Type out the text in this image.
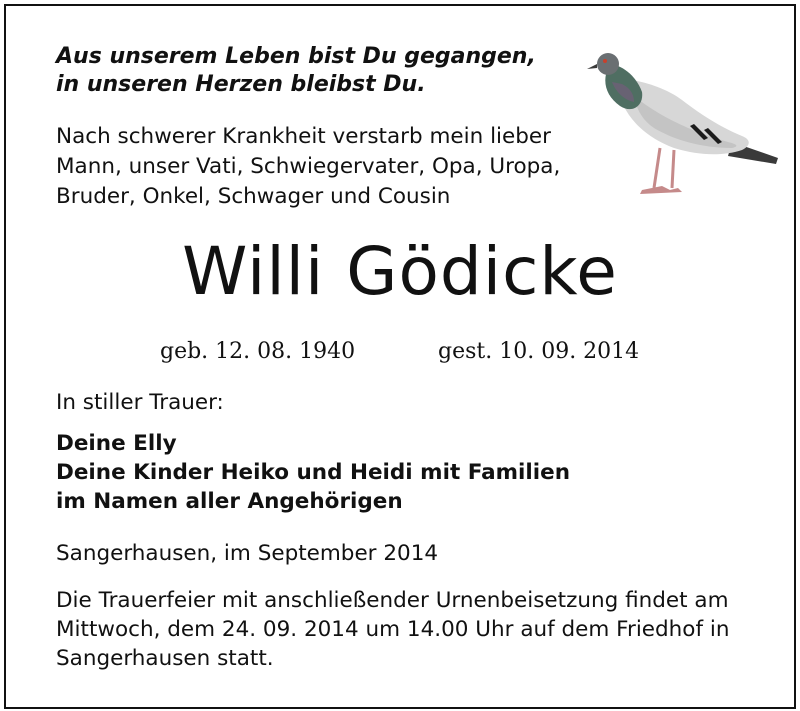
Aus unserem Leben bist Du gegangen,
in unseren Herzen bleibst Du.
Nach schwerer Krankheit verstarb mein lieber
Mann, unser Vati, Schwiegervater, Opa, Uropa,
Bruder, Onkel, Schwager und Cousin
Willi Gödicke
geb. 12. 08. 1940	gest. 10. 09. 2014
In stiller Trauer:
Deine Elly
Deine Kinder Heiko und Heidi mit Familien
im Namen aller Angehörigen
Sangerhausen, im September 2014
Die Trauerfeier mit anschließender Urnenbeisetzung findet am
Mittwoch, dem 24. 09. 2014 um 14.00 Uhr auf dem Friedhof in
Sangerhausen statt.
